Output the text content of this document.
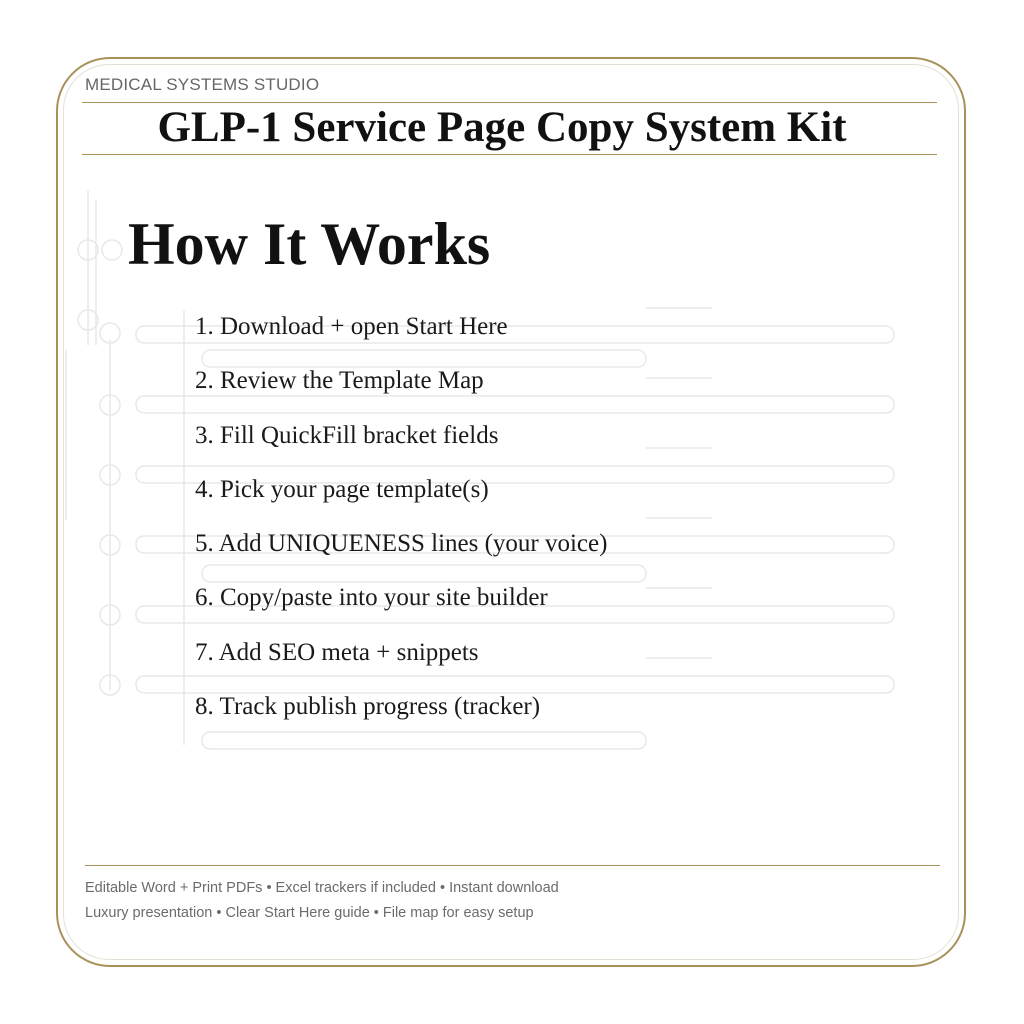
MEDICAL SYSTEMS STUDIO
GLP-1 Service Page Copy System Kit
How It Works
1. Download + open Start Here
2. Review the Template Map
3. Fill QuickFill bracket fields
4. Pick your page template(s)
5. Add UNIQUENESS lines (your voice)
6. Copy/paste into your site builder
7. Add SEO meta + snippets
8. Track publish progress (tracker)
Editable Word + Print PDFs • Excel trackers if included • Instant download
Luxury presentation • Clear Start Here guide • File map for easy setup
